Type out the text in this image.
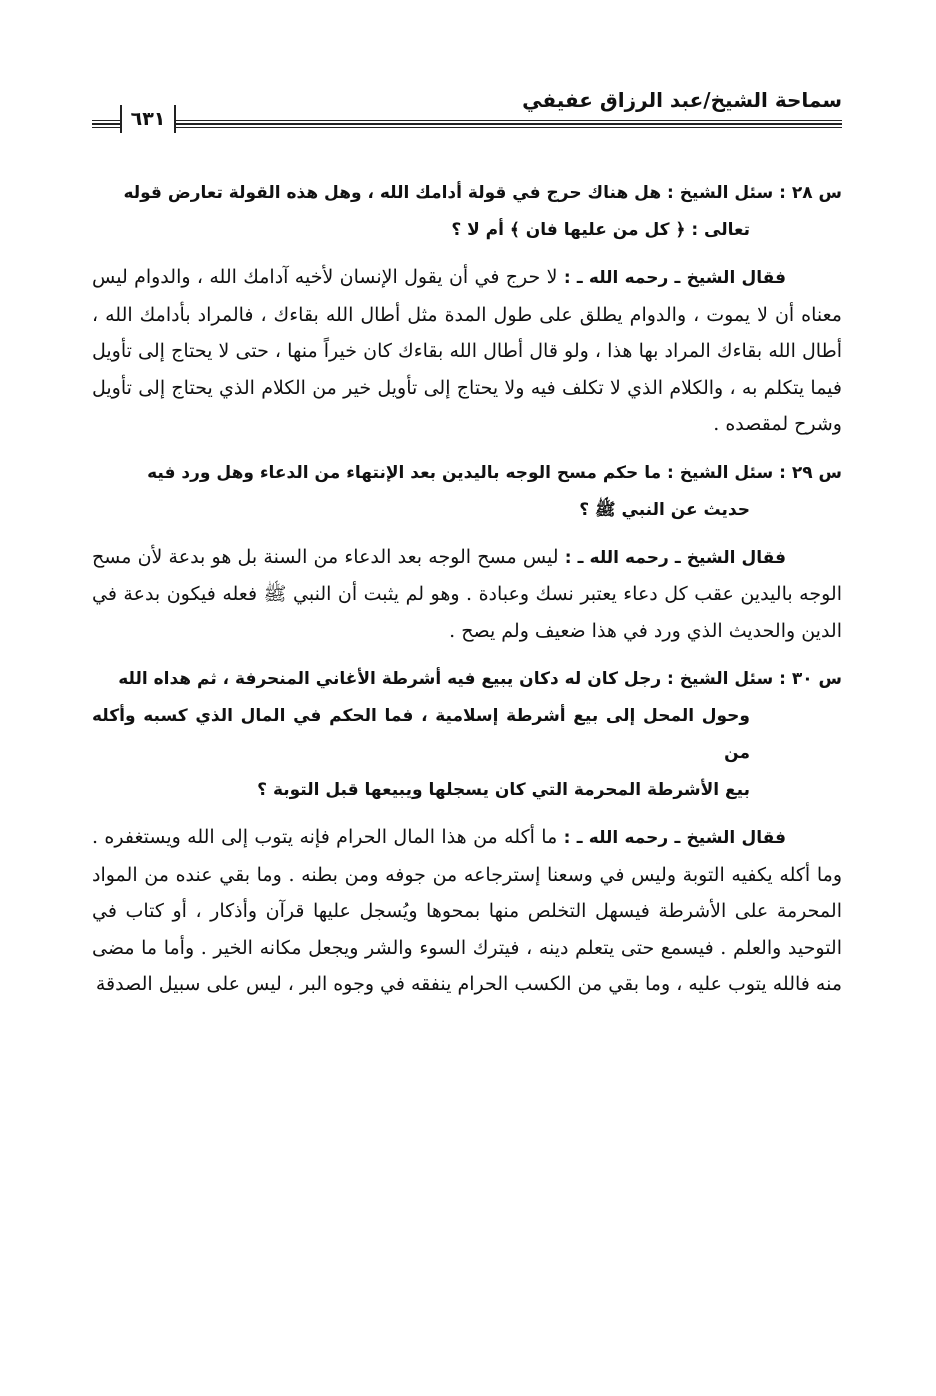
سماحة الشيخ/عبد الرزاق عفيفي
٦٣١

س ٢٨ : سئل الشيخ : هل هناك حرج في قولة أدامك الله ، وهل هذه القولة تعارض قوله
تعالى : ﴿ كل من عليها فان ﴾ أم لا ؟

فقال الشيخ ـ رحمه الله ـ : لا حرج في أن يقول الإنسان لأخيه آدامك الله ، والدوام ليس معناه أن لا يموت ، والدوام يطلق على طول المدة مثل أطال الله بقاءك ، فالمراد بأدامك الله ، أطال الله بقاءك المراد بها هذا ، ولو قال أطال الله بقاءك كان خيراً منها ، حتى لا يحتاج إلى تأويل فيما يتكلم به ، والكلام الذي لا تكلف فيه ولا يحتاج إلى تأويل خير من الكلام الذي يحتاج إلى تأويل وشرح لمقصده .

س ٢٩ : سئل الشيخ : ما حكم مسح الوجه باليدين بعد الإنتهاء من الدعاء وهل ورد فيه
حديث عن النبي ﷺ ؟

فقال الشيخ ـ رحمه الله ـ : ليس مسح الوجه بعد الدعاء من السنة بل هو بدعة لأن مسح الوجه باليدين عقب كل دعاء يعتبر نسك وعبادة . وهو لم يثبت أن النبي ﷺ فعله فيكون بدعة في الدين والحديث الذي ورد في هذا ضعيف ولم يصح .

س ٣٠ : سئل الشيخ : رجل كان له دكان يبيع فيه أشرطة الأغاني المنحرفة ، ثم هداه الله
وحول المحل إلى بيع أشرطة إسلامية ، فما الحكم في المال الذي كسبه وأكله من
بيع الأشرطة المحرمة التي كان يسجلها ويبيعها قبل التوبة ؟

فقال الشيخ ـ رحمه الله ـ : ما أكله من هذا المال الحرام فإنه يتوب إلى الله ويستغفره . وما أكله يكفيه التوبة وليس في وسعنا إسترجاعه من جوفه ومن بطنه . وما بقي عنده من المواد المحرمة على الأشرطة فيسهل التخلص منها بمحوها ويُسجل عليها قرآن وأذكار ، أو كتاب في التوحيد والعلم . فيسمع حتى يتعلم دينه ، فيترك السوء والشر ويجعل مكانه الخير . وأما ما مضى منه فالله يتوب عليه ، وما بقي من الكسب الحرام ينفقه في وجوه البر ، ليس على سبيل الصدقة
